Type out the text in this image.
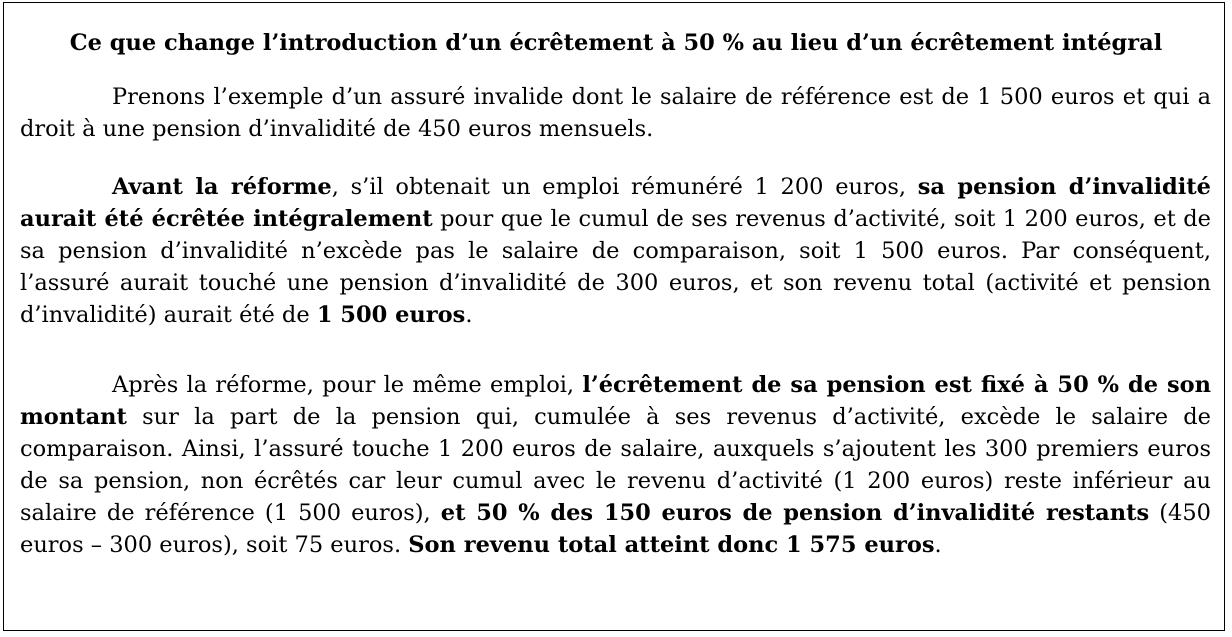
Ce que change l’introduction d’un écrêtement à 50 % au lieu d’un écrêtement intégral

Prenons l’exemple d’un assuré invalide dont le salaire de référence est de 1 500 euros et qui a droit à une pension d’invalidité de 450 euros mensuels.

Avant la réforme, s’il obtenait un emploi rémunéré 1 200 euros, sa pension d’invalidité aurait été écrêtée intégralement pour que le cumul de ses revenus d’activité, soit 1 200 euros, et de sa pension d’invalidité n’excède pas le salaire de comparaison, soit 1 500 euros. Par conséquent, l’assuré aurait touché une pension d’invalidité de 300 euros, et son revenu total (activité et pension d’invalidité) aurait été de 1 500 euros.

Après la réforme, pour le même emploi, l’écrêtement de sa pension est fixé à 50 % de son montant sur la part de la pension qui, cumulée à ses revenus d’activité, excède le salaire de comparaison. Ainsi, l’assuré touche 1 200 euros de salaire, auxquels s’ajoutent les 300 premiers euros de sa pension, non écrêtés car leur cumul avec le revenu d’activité (1 200 euros) reste inférieur au salaire de référence (1 500 euros), et 50 % des 150 euros de pension d’invalidité restants (450 euros – 300 euros), soit 75 euros. Son revenu total atteint donc 1 575 euros.
